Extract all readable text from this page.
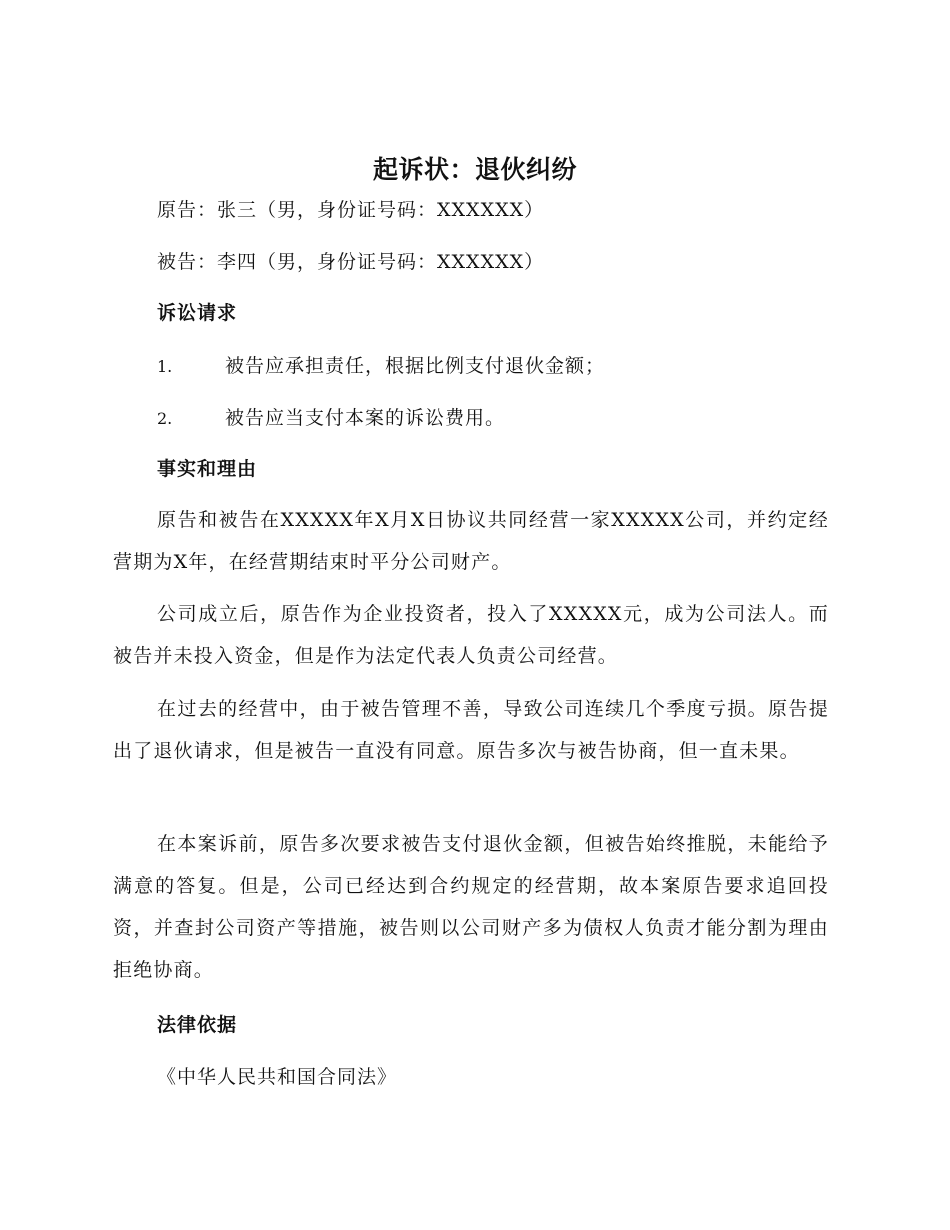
起诉状：退伙纠纷

原告：张三（男，身份证号码：XXXXXX）

被告：李四（男，身份证号码：XXXXXX）

诉讼请求
1.	被告应承担责任，根据比例支付退伙金额；
2.	被告应当支付本案的诉讼费用。
事实和理由

原告和被告在XXXXX年X月X日协议共同经营一家XXXXX公司，并约定经营期为X年，在经营期结束时平分公司财产。

公司成立后，原告作为企业投资者，投入了XXXXX元，成为公司法人。而被告并未投入资金，但是作为法定代表人负责公司经营。

在过去的经营中，由于被告管理不善，导致公司连续几个季度亏损。原告提出了退伙请求，但是被告一直没有同意。原告多次与被告协商，但一直未果。

在本案诉前，原告多次要求被告支付退伙金额，但被告始终推脱，未能给予满意的答复。但是，公司已经达到合约规定的经营期，故本案原告要求追回投资，并查封公司资产等措施，被告则以公司财产多为债权人负责才能分割为理由拒绝协商。

法律依据

《中华人民共和国合同法》
